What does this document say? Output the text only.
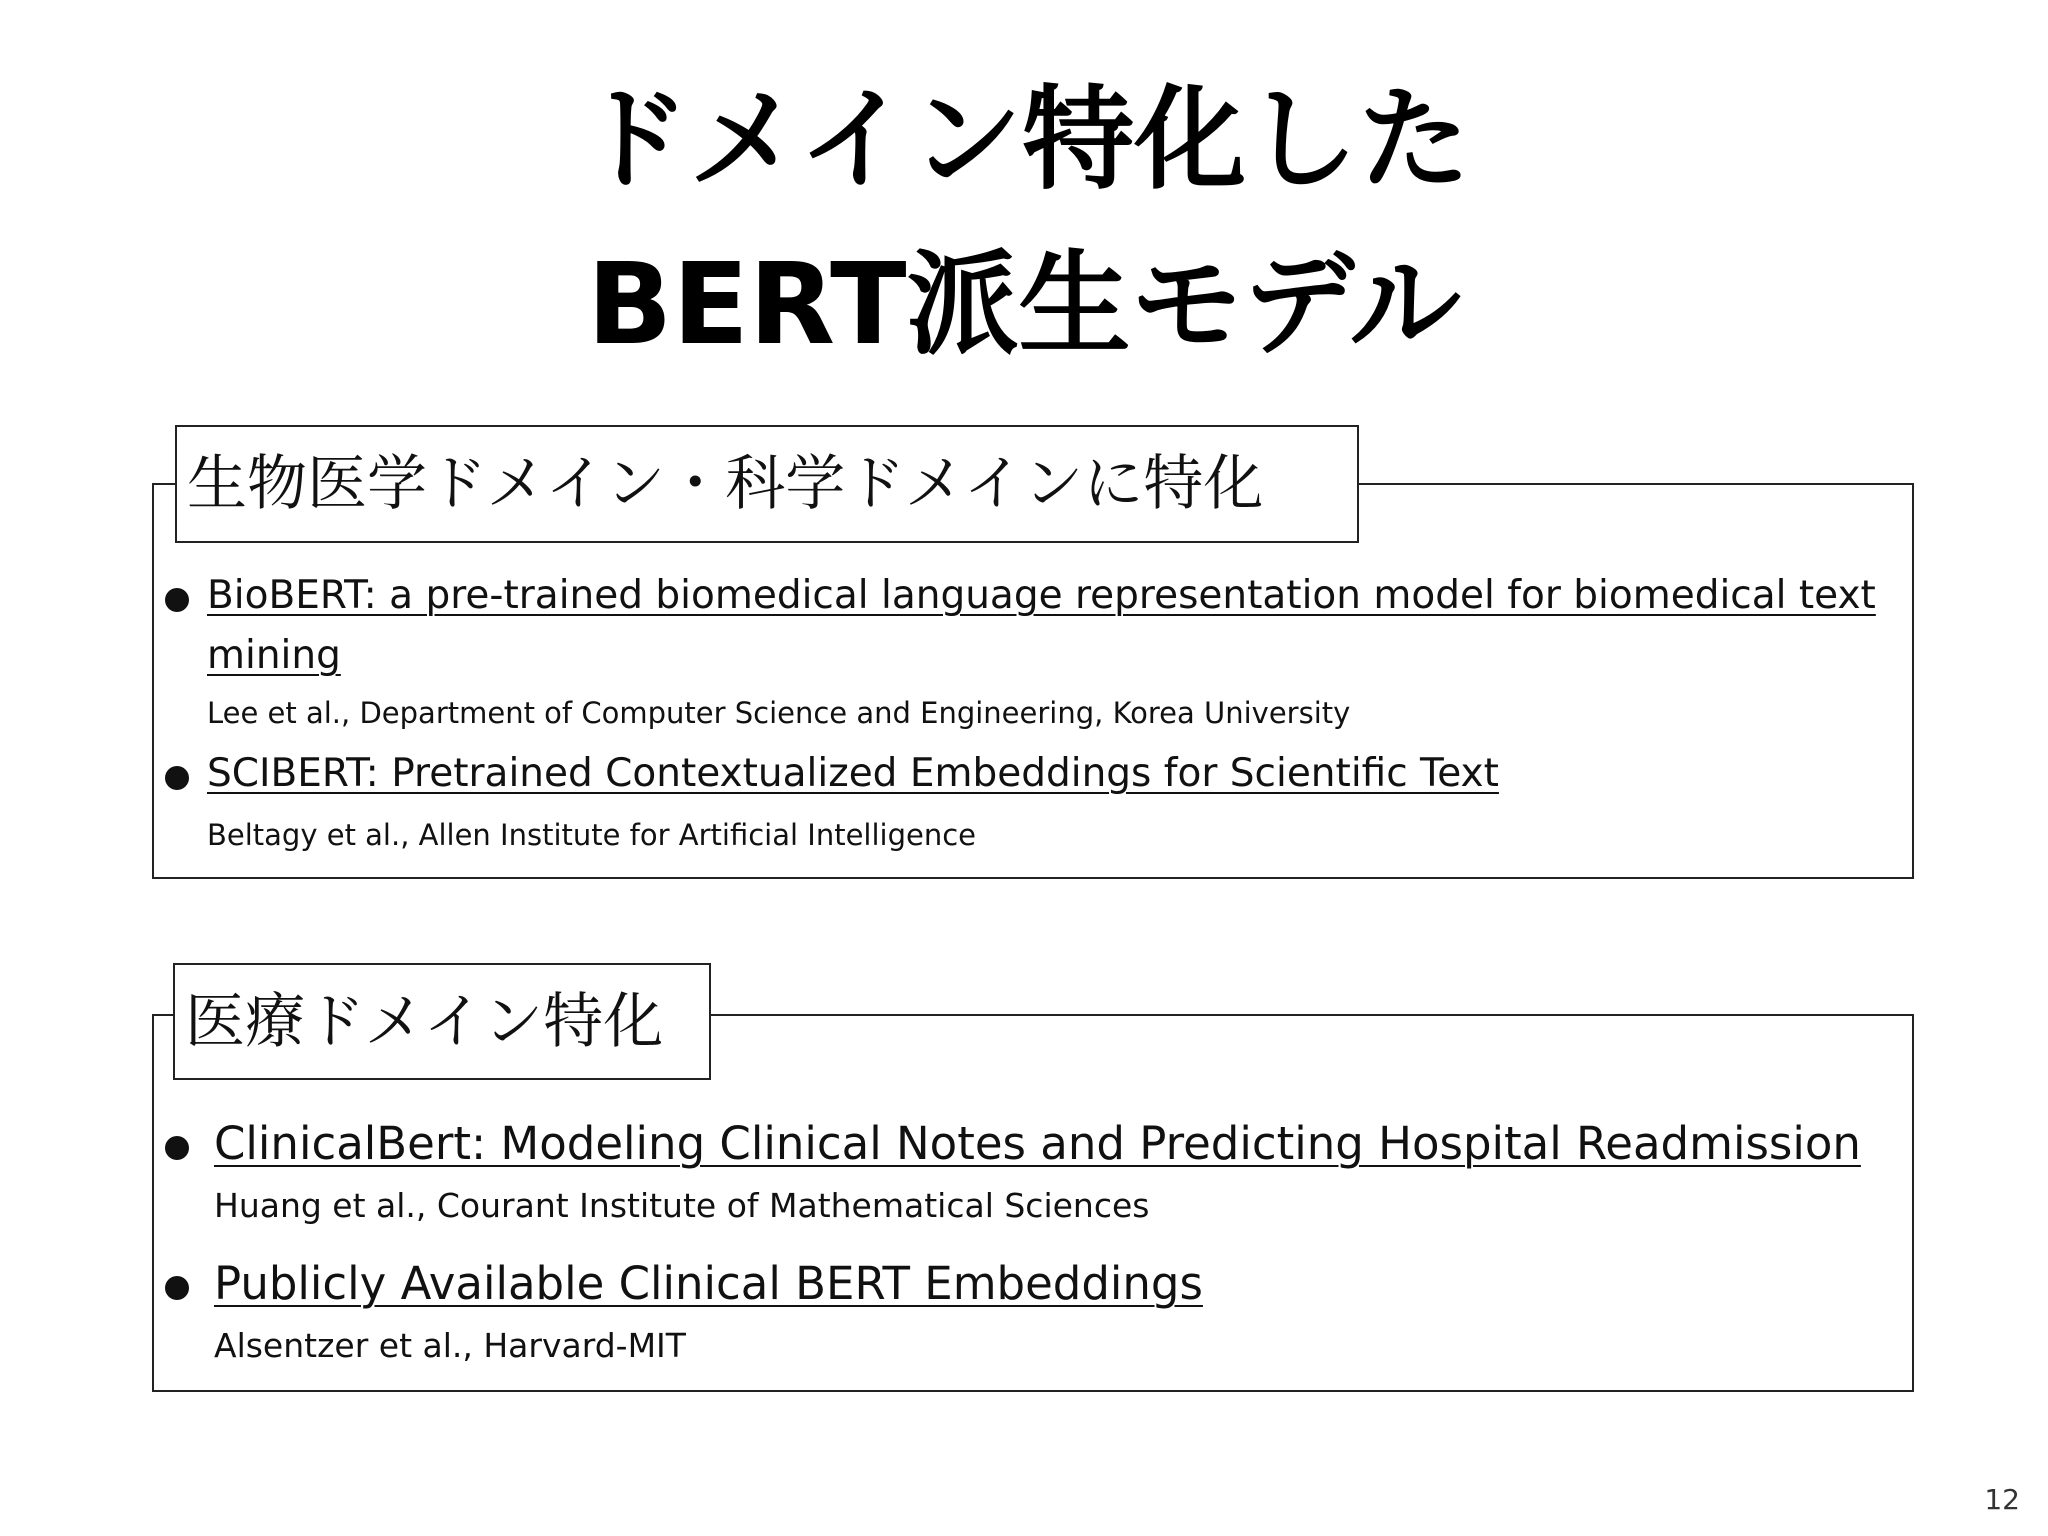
ドメイン特化した
BERT派生モデル
生物医学ドメイン・科学ドメインに特化
BioBERT: a pre-trained biomedical language representation model for biomedical text mining
Lee et al., Department of Computer Science and Engineering, Korea University
SCIBERT: Pretrained Contextualized Embeddings for Scientific Text
Beltagy et al., Allen Institute for Artificial Intelligence
医療ドメイン特化
ClinicalBert: Modeling Clinical Notes and Predicting Hospital Readmission
Huang et al., Courant Institute of Mathematical Sciences
Publicly Available Clinical BERT Embeddings
Alsentzer et al., Harvard-MIT
12
